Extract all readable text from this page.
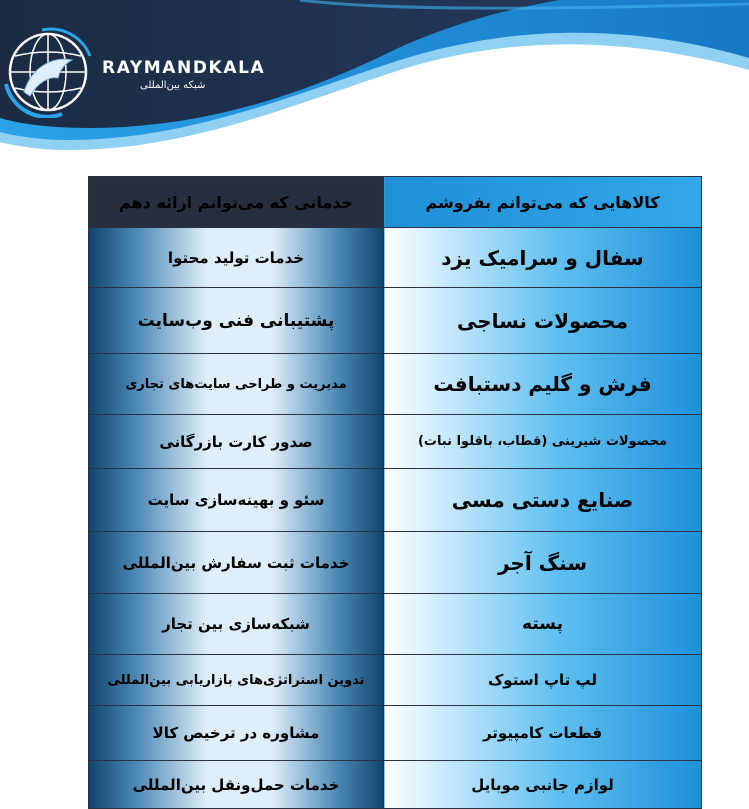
RAYMANDKALA
شبکه بین‌المللی
کالاهایی که می‌توانم بفروشم	خدماتی که می‌توانم ارائه دهم
سفال و سرامیک یزد	خدمات تولید محتوا
محصولات نساجی	پشتیبانی فنی وب‌سایت
فرش و گلیم دستبافت	مدیریت و طراحی سایت‌های تجاری
محصولات شیرینی (قطاب، باقلوا نبات)	صدور کارت بازرگانی
صنایع دستی مسی	سئو و بهینه‌سازی سایت
سنگ آجر	خدمات ثبت سفارش بین‌المللی
پسته	شبکه‌سازی بین تجار
لپ تاپ استوک	تدوین استراتژی‌های بازاریابی بین‌المللی
قطعات کامپیوتر	مشاوره در ترخیص کالا
لوازم جانبی موبایل	خدمات حمل‌ونقل بین‌المللی
